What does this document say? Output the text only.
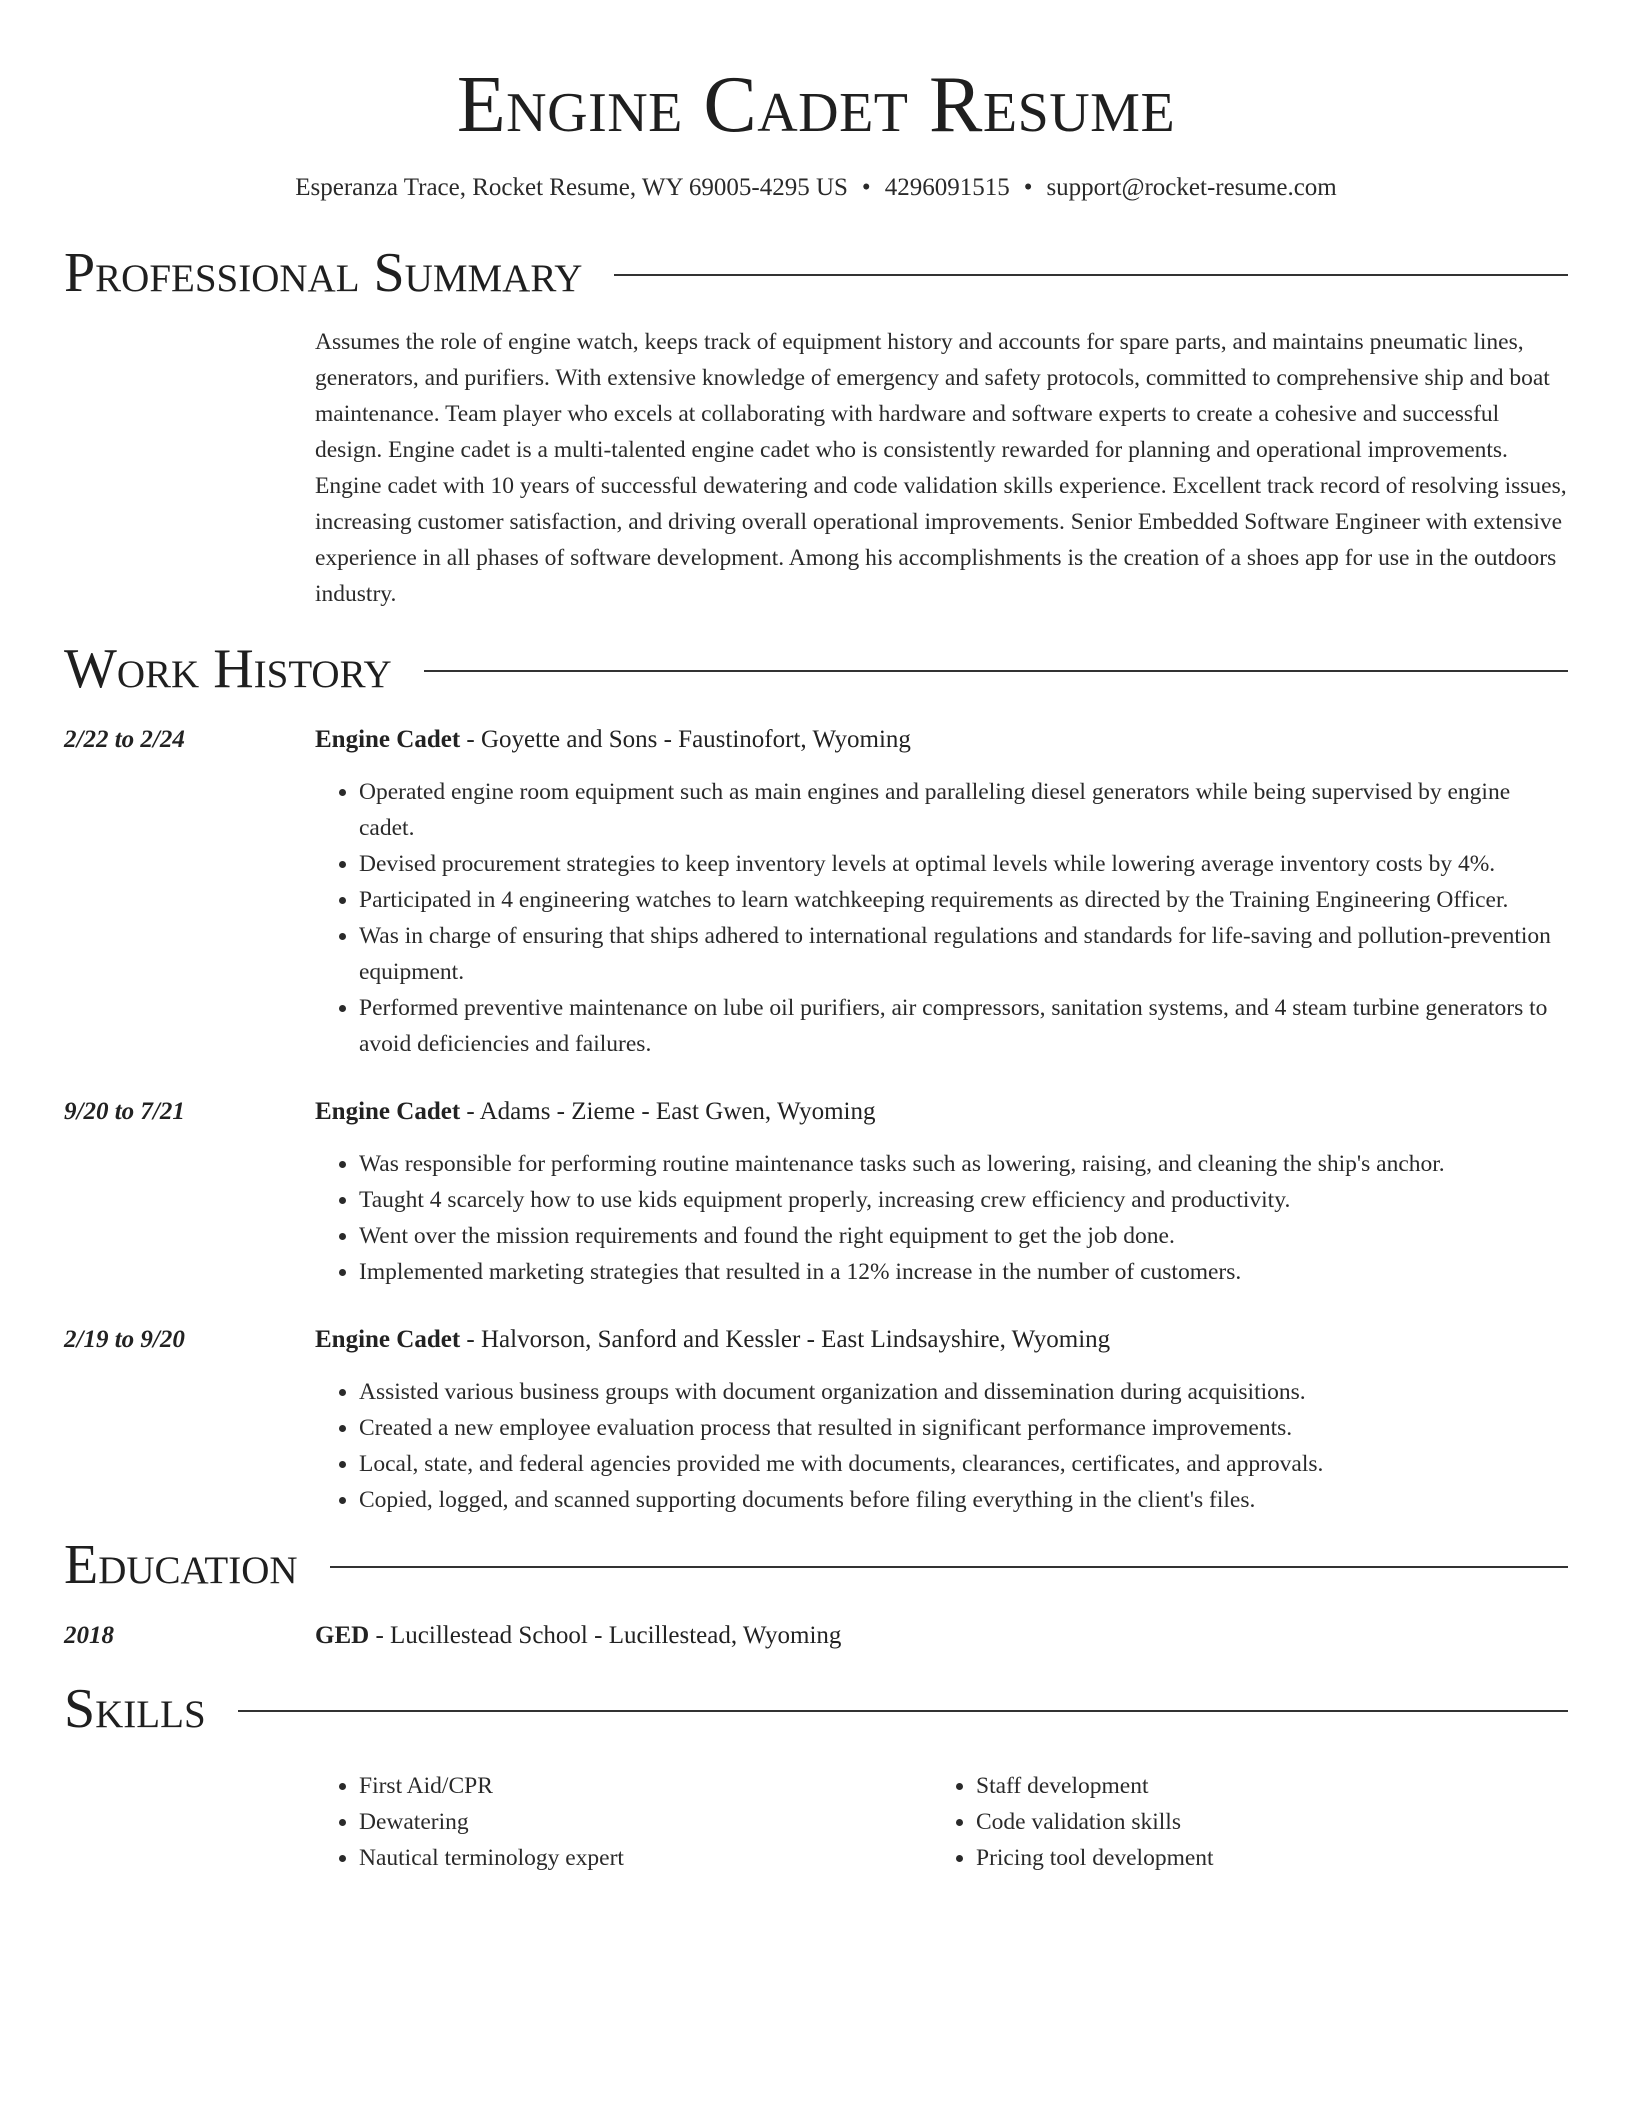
Engine Cadet Resume
Esperanza Trace, Rocket Resume, WY 69005-4295 US • 4296091515 • support@rocket-resume.com
Professional Summary
Assumes the role of engine watch, keeps track of equipment history and accounts for spare parts, and maintains pneumatic lines, generators, and purifiers. With extensive knowledge of emergency and safety protocols, committed to comprehensive ship and boat maintenance. Team player who excels at collaborating with hardware and software experts to create a cohesive and successful design. Engine cadet is a multi-talented engine cadet who is consistently rewarded for planning and operational improvements. Engine cadet with 10 years of successful dewatering and code validation skills experience. Excellent track record of resolving issues, increasing customer satisfaction, and driving overall operational improvements. Senior Embedded Software Engineer with extensive experience in all phases of software development. Among his accomplishments is the creation of a shoes app for use in the outdoors industry.
Work History
2/22 to 2/24	Engine Cadet - Goyette and Sons - Faustinofort, Wyoming
• Operated engine room equipment such as main engines and paralleling diesel generators while being supervised by engine cadet.
• Devised procurement strategies to keep inventory levels at optimal levels while lowering average inventory costs by 4%.
• Participated in 4 engineering watches to learn watchkeeping requirements as directed by the Training Engineering Officer.
• Was in charge of ensuring that ships adhered to international regulations and standards for life-saving and pollution-prevention equipment.
• Performed preventive maintenance on lube oil purifiers, air compressors, sanitation systems, and 4 steam turbine generators to avoid deficiencies and failures.
9/20 to 7/21	Engine Cadet - Adams - Zieme - East Gwen, Wyoming
• Was responsible for performing routine maintenance tasks such as lowering, raising, and cleaning the ship's anchor.
• Taught 4 scarcely how to use kids equipment properly, increasing crew efficiency and productivity.
• Went over the mission requirements and found the right equipment to get the job done.
• Implemented marketing strategies that resulted in a 12% increase in the number of customers.
2/19 to 9/20	Engine Cadet - Halvorson, Sanford and Kessler - East Lindsayshire, Wyoming
• Assisted various business groups with document organization and dissemination during acquisitions.
• Created a new employee evaluation process that resulted in significant performance improvements.
• Local, state, and federal agencies provided me with documents, clearances, certificates, and approvals.
• Copied, logged, and scanned supporting documents before filing everything in the client's files.
Education
2018	GED - Lucillestead School - Lucillestead, Wyoming
Skills
• First Aid/CPR
• Dewatering
• Nautical terminology expert
• Staff development
• Code validation skills
• Pricing tool development
